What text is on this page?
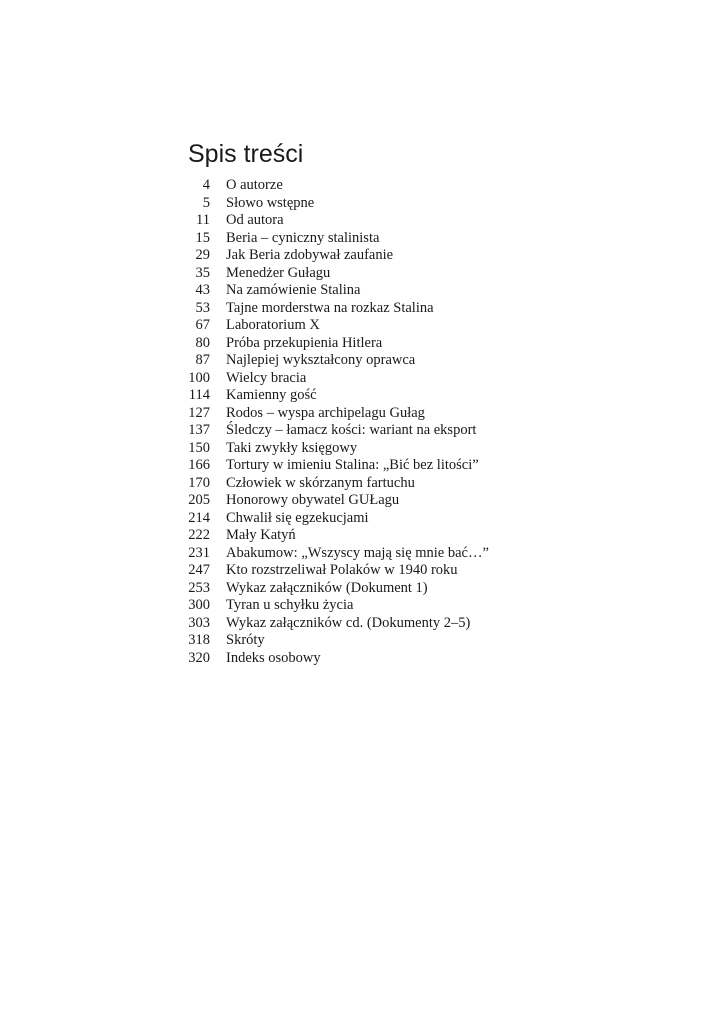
Spis treści
4 O autorze
5 Słowo wstępne
11 Od autora
15 Beria – cyniczny stalinista
29 Jak Beria zdobywał zaufanie
35 Menedżer Gułagu
43 Na zamówienie Stalina
53 Tajne morderstwa na rozkaz Stalina
67 Laboratorium X
80 Próba przekupienia Hitlera
87 Najlepiej wykształcony oprawca
100 Wielcy bracia
114 Kamienny gość
127 Rodos – wyspa archipelagu Gułag
137 Śledczy – łamacz kości: wariant na eksport
150 Taki zwykły księgowy
166 Tortury w imieniu Stalina: „Bić bez litości”
170 Człowiek w skórzanym fartuchu
205 Honorowy obywatel GUŁagu
214 Chwalił się egzekucjami
222 Mały Katyń
231 Abakumow: „Wszyscy mają się mnie bać…”
247 Kto rozstrzeliwał Polaków w 1940 roku
253 Wykaz załączników (Dokument 1)
300 Tyran u schyłku życia
303 Wykaz załączników cd. (Dokumenty 2–5)
318 Skróty
320 Indeks osobowy
